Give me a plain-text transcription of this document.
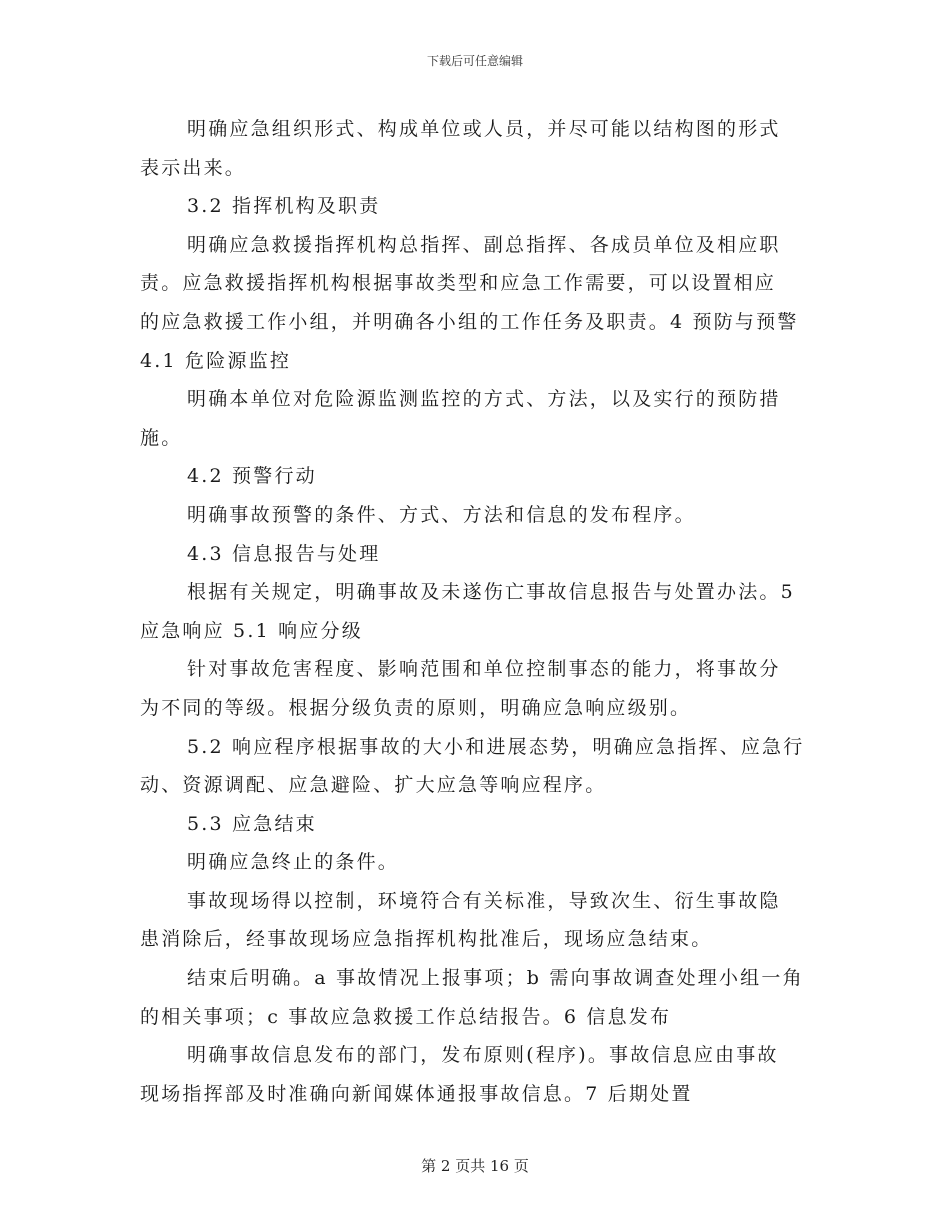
下载后可任意编辑
明确应急组织形式、构成单位或人员，并尽可能以结构图的形式
表示出来。
3.2 指挥机构及职责
明确应急救援指挥机构总指挥、副总指挥、各成员单位及相应职
责。应急救援指挥机构根据事故类型和应急工作需要，可以设置相应
的应急救援工作小组，并明确各小组的工作任务及职责。4 预防与预警
4.1 危险源监控
明确本单位对危险源监测监控的方式、方法，以及实行的预防措
施。
4.2 预警行动
明确事故预警的条件、方式、方法和信息的发布程序。
4.3 信息报告与处理
根据有关规定，明确事故及未遂伤亡事故信息报告与处置办法。5
应急响应 5.1 响应分级
针对事故危害程度、影响范围和单位控制事态的能力，将事故分
为不同的等级。根据分级负责的原则，明确应急响应级别。
5.2 响应程序根据事故的大小和进展态势，明确应急指挥、应急行
动、资源调配、应急避险、扩大应急等响应程序。
5.3 应急结束
明确应急终止的条件。
事故现场得以控制，环境符合有关标准，导致次生、衍生事故隐
患消除后，经事故现场应急指挥机构批准后，现场应急结束。
结束后明确。a 事故情况上报事项；b 需向事故调查处理小组一角
的相关事项；c 事故应急救援工作总结报告。6 信息发布
明确事故信息发布的部门，发布原则(程序)。事故信息应由事故
现场指挥部及时准确向新闻媒体通报事故信息。7 后期处置
第 2 页共 16 页
